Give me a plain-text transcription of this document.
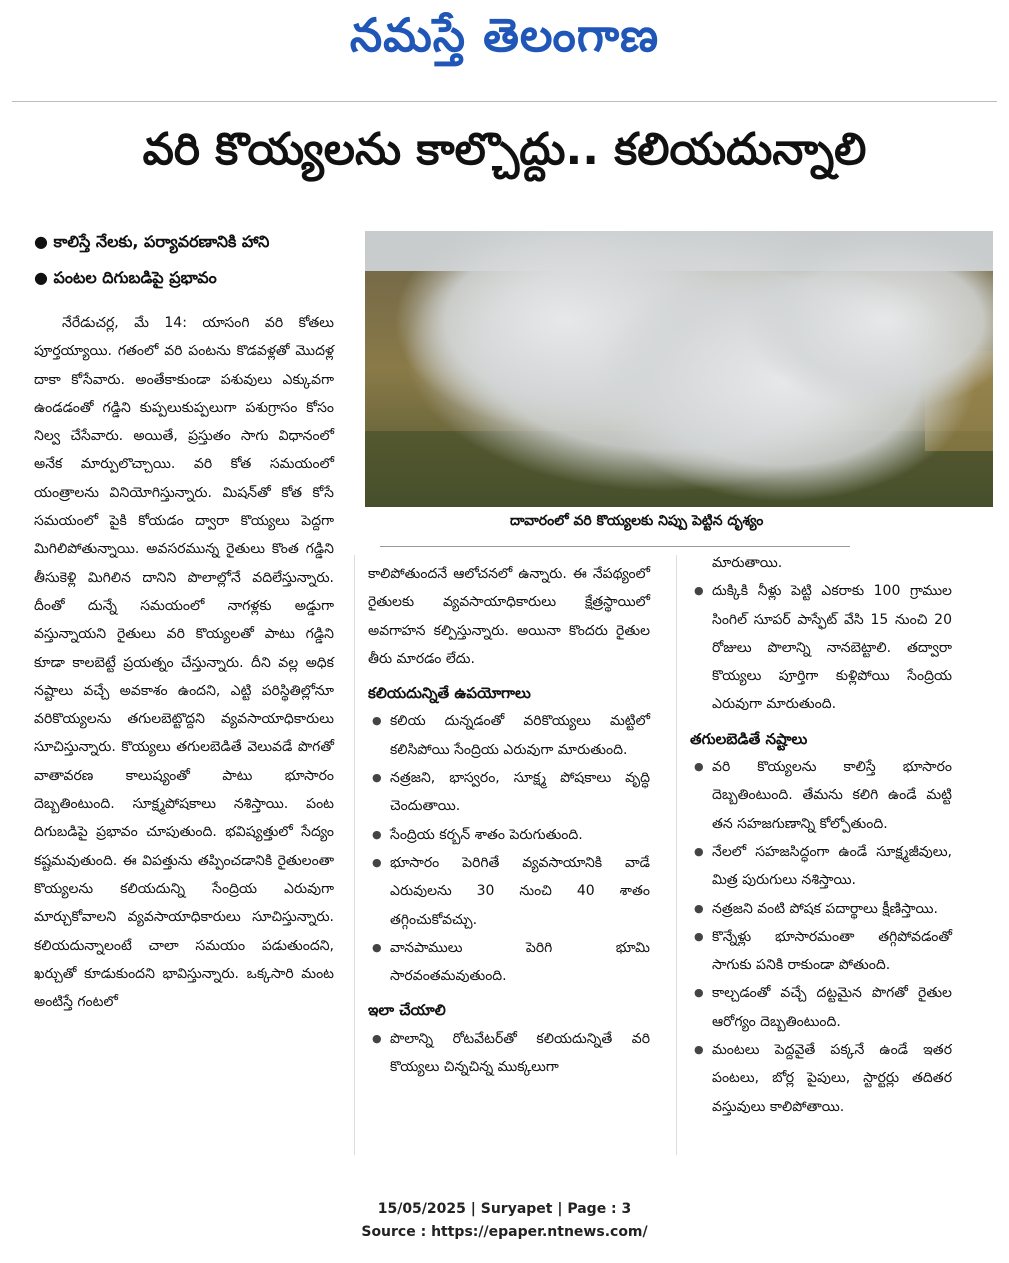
నమస్తే తెలంగాణ
వరి కొయ్యలను కాల్చొద్దు.. కలియదున్నాలి
● కాలిస్తే నేలకు, పర్యావరణానికి హాని
● పంటల దిగుబడిపై ప్రభావం
దావారంలో వరి కొయ్యలకు నిప్పు పెట్టిన దృశ్యం

నేరేడుచర్ల, మే 14: యాసంగి వరి కోతలు పూర్తయ్యాయి. గతంలో వరి పంటను కొడవళ్లతో మొదళ్ల దాకా కోసేవారు. అంతేకాకుండా పశువులు ఎక్కువగా ఉండడంతో గడ్డిని కుప్పలుకుప్పలుగా పశుగ్రాసం కోసం నిల్వ చేసేవారు. అయితే, ప్రస్తుతం సాగు విధానంలో అనేక మార్పులొచ్చాయి. వరి కోత సమయంలో యంత్రాలను వినియోగిస్తున్నారు. మిషన్‌తో కోత కోసే సమయంలో పైకి కోయడం ద్వారా కొయ్యలు పెద్దగా మిగిలిపోతున్నాయి. అవసరమున్న రైతులు కొంత గడ్డిని తీసుకెళ్లి మిగిలిన దానిని పొలాల్లోనే వదిలేస్తున్నారు. దీంతో దున్నే సమయంలో నాగళ్లకు అడ్డుగా వస్తున్నాయని రైతులు వరి కొయ్యలతో పాటు గడ్డిని కూడా కాలబెట్టే ప్రయత్నం చేస్తున్నారు. దీని వల్ల అధిక నష్టాలు వచ్చే అవకాశం ఉందని, ఎట్టి పరిస్థితిల్లోనూ వరికొయ్యలను తగులబెట్టొద్దని వ్యవసాయాధికారులు సూచిస్తున్నారు. కొయ్యలు తగులబెడితే వెలువడే పొగతో వాతావరణ కాలుష్యంతో పాటు భూసారం దెబ్బతింటుంది. సూక్ష్మపోషకాలు నశిస్తాయి. పంట దిగుబడిపై ప్రభావం చూపుతుంది. భవిష్యత్తులో సేద్యం కష్టమవుతుంది. ఈ విపత్తును తప్పించడానికి రైతులంతా కొయ్యలను కలియదున్ని సేంద్రియ ఎరువుగా మార్చుకోవాలని వ్యవసాయాధికారులు సూచిస్తున్నారు. కలియదున్నాలంటే చాలా సమయం పడుతుందని, ఖర్చుతో కూడుకుందని భావిస్తున్నారు. ఒక్కసారి మంట అంటిస్తే గంటలో

కాలిపోతుందనే ఆలోచనలో ఉన్నారు. ఈ నేపథ్యంలో రైతులకు వ్యవసాయాధికారులు క్షేత్రస్థాయిలో అవగాహన కల్పిస్తున్నారు. అయినా కొందరు రైతుల తీరు మారడం లేదు.

కలియదున్నితే ఉపయోగాలు
● కలియ దున్నడంతో వరికొయ్యలు మట్టిలో కలిసిపోయి సేంద్రియ ఎరువుగా మారుతుంది.
● నత్రజని, భాస్వరం, సూక్ష్మ పోషకాలు వృద్ధి చెందుతాయి.
● సేంద్రియ కర్బన్ శాతం పెరుగుతుంది.
● భూసారం పెరిగితే వ్యవసాయానికి వాడే ఎరువులను 30 నుంచి 40 శాతం తగ్గించుకోవచ్చు.
● వానపాములు పెరిగి భూమి సారవంతమవుతుంది.
ఇలా చేయాలి
● పొలాన్ని రోటవేటర్‌తో కలియదున్నితే వరి కొయ్యలు చిన్నచిన్న ముక్కలుగా

మారుతాయి.

● దుక్కికి నీళ్లు పెట్టి ఎకరాకు 100 గ్రాముల సింగిల్ సూపర్ పాస్ఫేట్ వేసి 15 నుంచి 20 రోజులు పొలాన్ని నానబెట్టాలి. తద్వారా కొయ్యలు పూర్తిగా కుళ్లిపోయి సేంద్రియ ఎరువుగా మారుతుంది.
తగులబెడితే నష్టాలు
● వరి కొయ్యలను కాలిస్తే భూసారం దెబ్బతింటుంది. తేమను కలిగి ఉండే మట్టి తన సహజగుణాన్ని కోల్పోతుంది.
● నేలలో సహజసిద్ధంగా ఉండే సూక్ష్మజీవులు, మిత్ర పురుగులు నశిస్తాయి.
● నత్రజని వంటి పోషక పదార్థాలు క్షీణిస్తాయి.
● కొన్నేళ్లు భూసారమంతా తగ్గిపోవడంతో సాగుకు పనికి రాకుండా పోతుంది.
● కాల్చడంతో వచ్చే దట్టమైన పొగతో రైతుల ఆరోగ్యం దెబ్బతింటుంది.
● మంటలు పెద్దవైతే పక్కనే ఉండే ఇతర పంటలు, బోర్ల పైపులు, స్టార్టర్లు తదితర వస్తువులు కాలిపోతాయి.
15/05/2025 | Suryapet | Page : 3
Source : https://epaper.ntnews.com/
